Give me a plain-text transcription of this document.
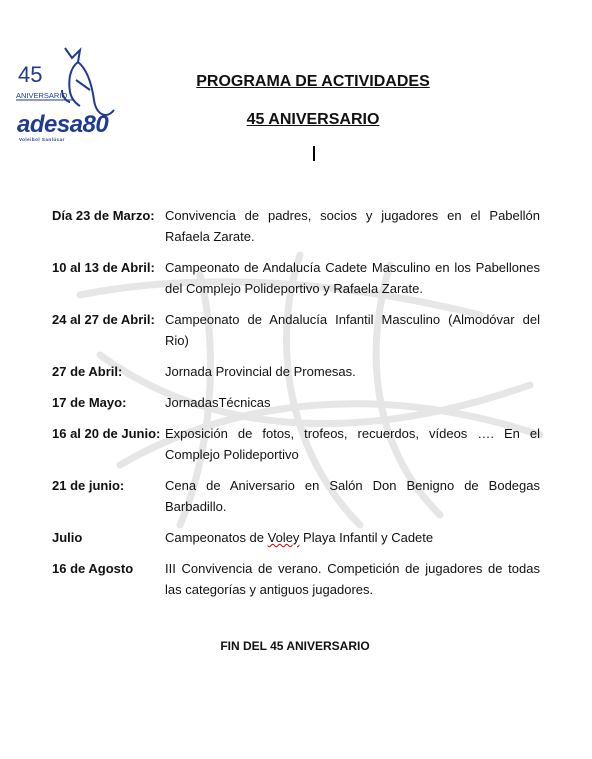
45
ANIVERSARIO
adesa80
Voleibol Sanlúcar
PROGRAMA DE ACTIVIDADES
45 ANIVERSARIO
Día 23 de Marzo: Convivencia de padres, socios y jugadores en el Pabellón Rafaela Zarate.
10 al 13 de Abril: Campeonato de Andalucía Cadete Masculino en los Pabellones del Complejo Polideportivo y Rafaela Zarate.
24 al 27 de Abril: Campeonato de Andalucía Infantil Masculino (Almodóvar del Rio)
27 de Abril:	Jornada Provincial de Promesas.
17 de Mayo:	JornadasTécnicas
16 al 20 de Junio: Exposición de fotos, trofeos, recuerdos, vídeos …. En el Complejo Polideportivo
21 de junio:	Cena de Aniversario en Salón Don Benigno de Bodegas Barbadillo.
Julio	Campeonatos de Voley Playa Infantil y Cadete
16 de Agosto	III Convivencia de verano. Competición de jugadores de todas las categorías y antiguos jugadores.
FIN DEL 45 ANIVERSARIO
